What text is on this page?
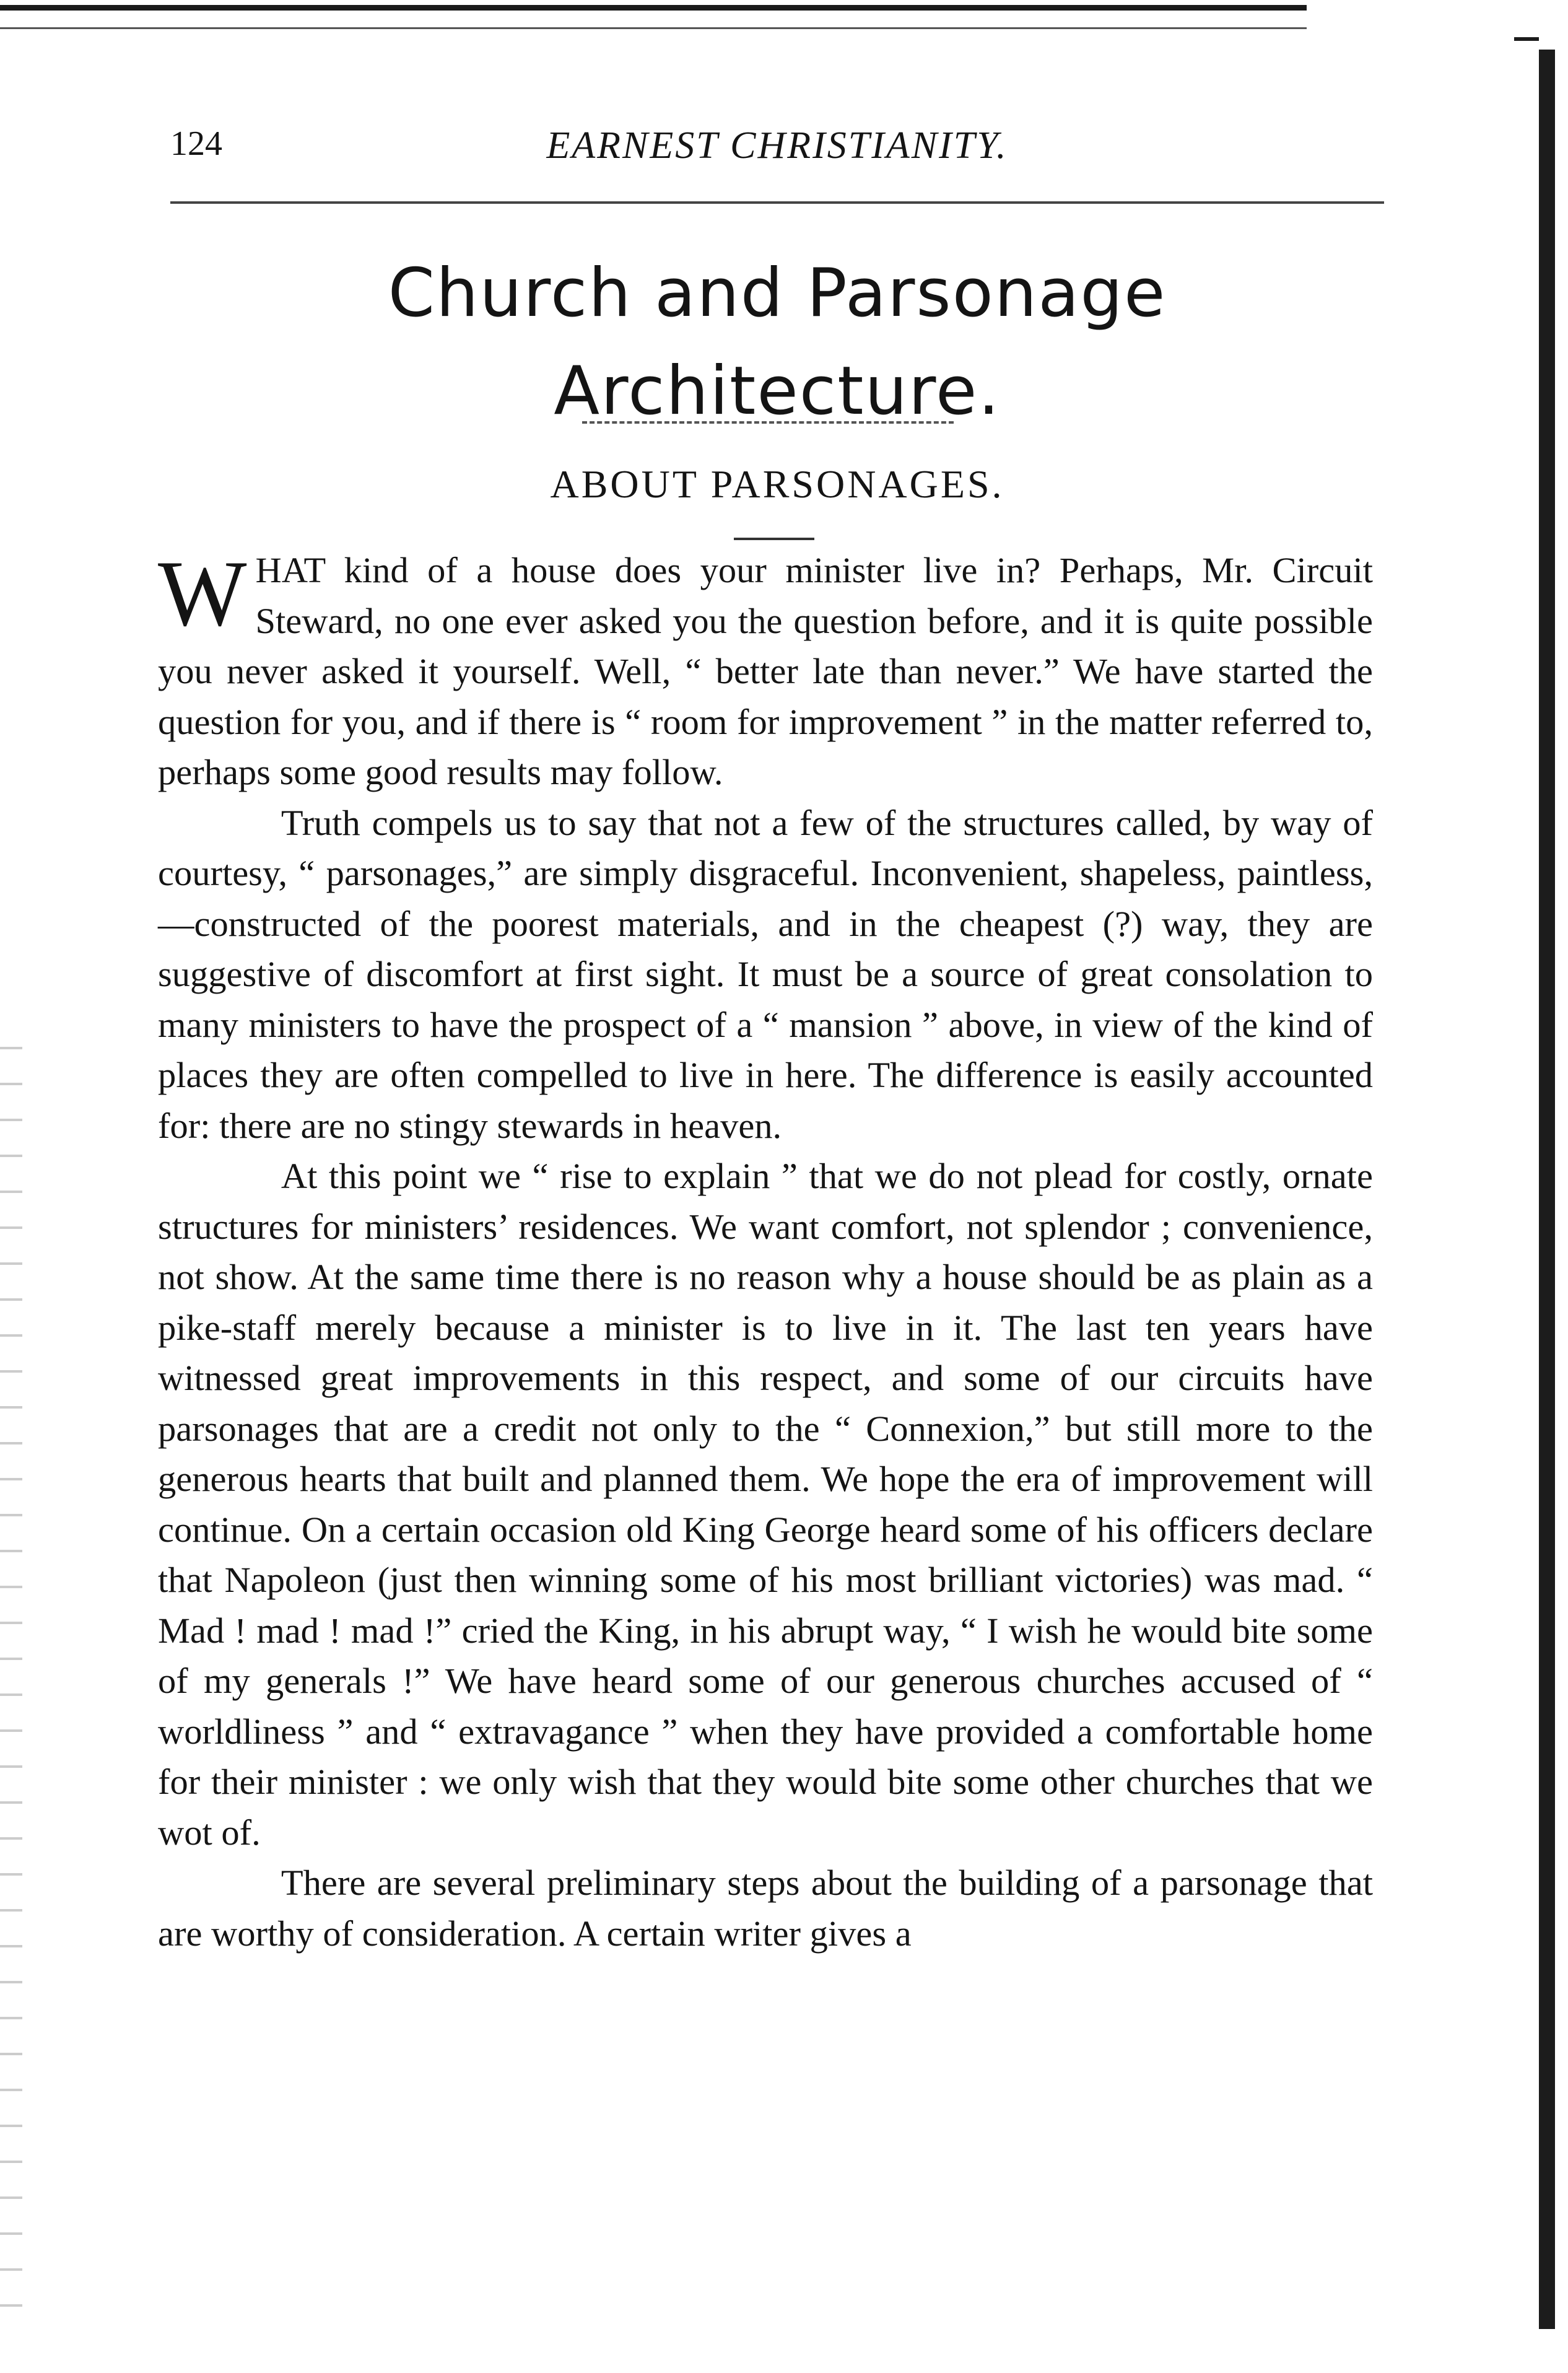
124	EARNEST CHRISTIANITY.
Church and Parsonage Architecture.
ABOUT PARSONAGES.

WHAT kind of a house does your minister live in? Perhaps, Mr. Circuit Steward, no one ever asked you the question before, and it is quite possible you never asked it yourself. Well, “ better late than never.” We have started the question for you, and if there is “ room for improvement ” in the matter referred to, perhaps some good results may follow.

Truth compels us to say that not a few of the structures called, by way of courtesy, “ parsonages,” are simply disgraceful. Inconvenient, shapeless, paintless,—constructed of the poorest materials, and in the cheapest (?) way, they are suggestive of discomfort at first sight. It must be a source of great consolation to many ministers to have the prospect of a “ mansion ” above, in view of the kind of places they are often compelled to live in here. The difference is easily accounted for: there are no stingy stewards in heaven.

At this point we “ rise to explain ” that we do not plead for costly, ornate structures for ministers’ residences. We want comfort, not splendor ; convenience, not show. At the same time there is no reason why a house should be as plain as a pike-staff merely because a minister is to live in it. The last ten years have witnessed great improvements in this respect, and some of our circuits have parsonages that are a credit not only to the “ Connexion,” but still more to the generous hearts that built and planned them. We hope the era of improvement will continue. On a certain occasion old King George heard some of his officers declare that Napoleon (just then winning some of his most brilliant victories) was mad. “ Mad ! mad ! mad !” cried the King, in his abrupt way, “ I wish he would bite some of my generals !” We have heard some of our generous churches accused of “ worldliness ” and “ extravagance ” when they have provided a comfortable home for their minister : we only wish that they would bite some other churches that we wot of.

There are several preliminary steps about the building of a parsonage that are worthy of consideration. A certain writer gives a
